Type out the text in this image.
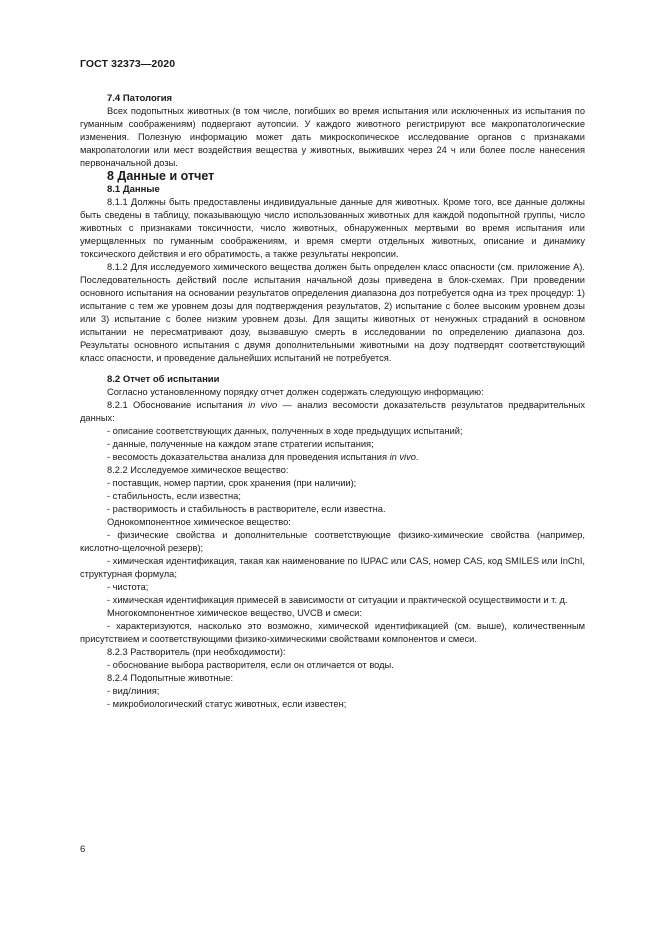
ГОСТ 32373—2020

7.4 Патология

Всех подопытных животных (в том числе, погибших во время испытания или исключенных из испытания по гуманным соображениям) подвергают аутопсии. У каждого животного регистрируют все макропатологические изменения. Полезную информацию может дать микроскопическое исследование органов с признаками макропатологии или мест воздействия вещества у животных, выживших через 24 ч или более после нанесения первоначальной дозы.

8 Данные и отчет

8.1 Данные

8.1.1 Должны быть предоставлены индивидуальные данные для животных. Кроме того, все данные должны быть сведены в таблицу, показывающую число использованных животных для каждой подопытной группы, число животных с признаками токсичности, число животных, обнаруженных мертвыми во время испытания или умерщвленных по гуманным соображениям, и время смерти отдельных животных, описание и динамику токсического действия и его обратимость, а также результаты некропсии.

8.1.2 Для исследуемого химического вещества должен быть определен класс опасности (см. приложение А). Последовательность действий после испытания начальной дозы приведена в блок-схемах. При проведении основного испытания на основании результатов определения диапазона доз потребуется одна из трех процедур: 1) испытание с тем же уровнем дозы для подтверждения результатов, 2) испытание с более высоким уровнем дозы или 3) испытание с более низким уровнем дозы. Для защиты животных от ненужных страданий в основном испытании не пересматривают дозу, вызвавшую смерть в исследовании по определению диапазона доз. Результаты основного испытания с двумя дополнительными животными на дозу подтвердят соответствующий класс опасности, и проведение дальнейших испытаний не потребуется.

8.2 Отчет об испытании

Согласно установленному порядку отчет должен содержать следующую информацию:

8.2.1 Обоснование испытания in vivo — анализ весомости доказательств результатов предварительных данных:

- описание соответствующих данных, полученных в ходе предыдущих испытаний;

- данные, полученные на каждом этапе стратегии испытания;

- весомость доказательства анализа для проведения испытания in vivo.

8.2.2 Исследуемое химическое вещество:

- поставщик, номер партии, срок хранения (при наличии);

- стабильность, если известна;

- растворимость и стабильность в растворителе, если известна.

Однокомпонентное химическое вещество:

- физические свойства и дополнительные соответствующие физико-химические свойства (например, кислотно-щелочной резерв);

- химическая идентификация, такая как наименование по IUPAC или CAS, номер CAS, код SMILES или InChI, структурная формула;

- чистота;

- химическая идентификация примесей в зависимости от ситуации и практической осуществимости и т. д.

Многокомпонентное химическое вещество, UVCB и смеси:

- характеризуются, насколько это возможно, химической идентификацией (см. выше), количественным присутствием и соответствующими физико-химическими свойствами компонентов и смеси.

8.2.3 Растворитель (при необходимости):

- обоснование выбора растворителя, если он отличается от воды.

8.2.4 Подопытные животные:

- вид/линия;

- микробиологический статус животных, если известен;

6
